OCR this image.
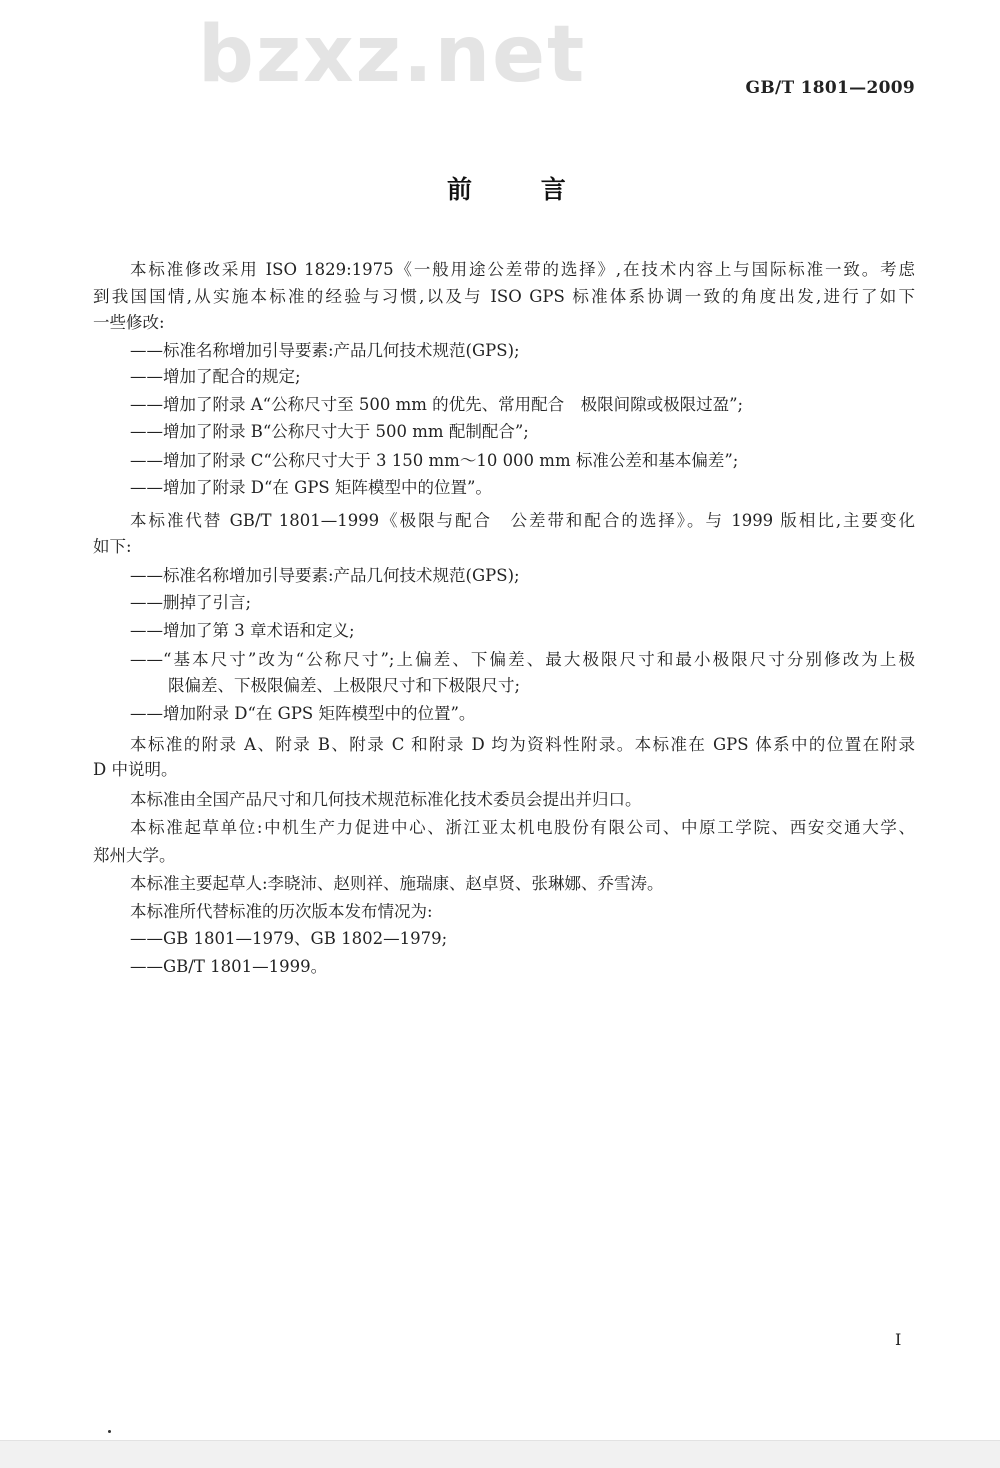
GB/T 1801—2009
bzxz.net
前 言
本标准修改采用 ISO 1829:1975《一般用途公差带的选择》,在技术内容上与国际标准一致。考虑
到我国国情,从实施本标准的经验与习惯,以及与 ISO GPS 标准体系协调一致的角度出发,进行了如下
一些修改:
——标准名称增加引导要素:产品几何技术规范(GPS);
——增加了配合的规定;
——增加了附录 A“公称尺寸至 500 mm 的优先、常用配合　极限间隙或极限过盈”;
——增加了附录 B“公称尺寸大于 500 mm 配制配合”;
——增加了附录 C“公称尺寸大于 3 150 mm～10 000 mm 标准公差和基本偏差”;
——增加了附录 D“在 GPS 矩阵模型中的位置”。
本标准代替 GB/T 1801—1999《极限与配合　公差带和配合的选择》。与 1999 版相比,主要变化
如下:
——标准名称增加引导要素:产品几何技术规范(GPS);
——删掉了引言;
——增加了第 3 章术语和定义;
——“基本尺寸”改为“公称尺寸”;上偏差、下偏差、最大极限尺寸和最小极限尺寸分别修改为上极
限偏差、下极限偏差、上极限尺寸和下极限尺寸;
——增加附录 D“在 GPS 矩阵模型中的位置”。
本标准的附录 A、附录 B、附录 C 和附录 D 均为资料性附录。本标准在 GPS 体系中的位置在附录
D 中说明。
本标准由全国产品尺寸和几何技术规范标准化技术委员会提出并归口。
本标准起草单位:中机生产力促进中心、浙江亚太机电股份有限公司、中原工学院、西安交通大学、
郑州大学。
本标准主要起草人:李晓沛、赵则祥、施瑞康、赵卓贤、张琳娜、乔雪涛。
本标准所代替标准的历次版本发布情况为:
——GB 1801—1979、GB 1802—1979;
——GB/T 1801—1999。
I
